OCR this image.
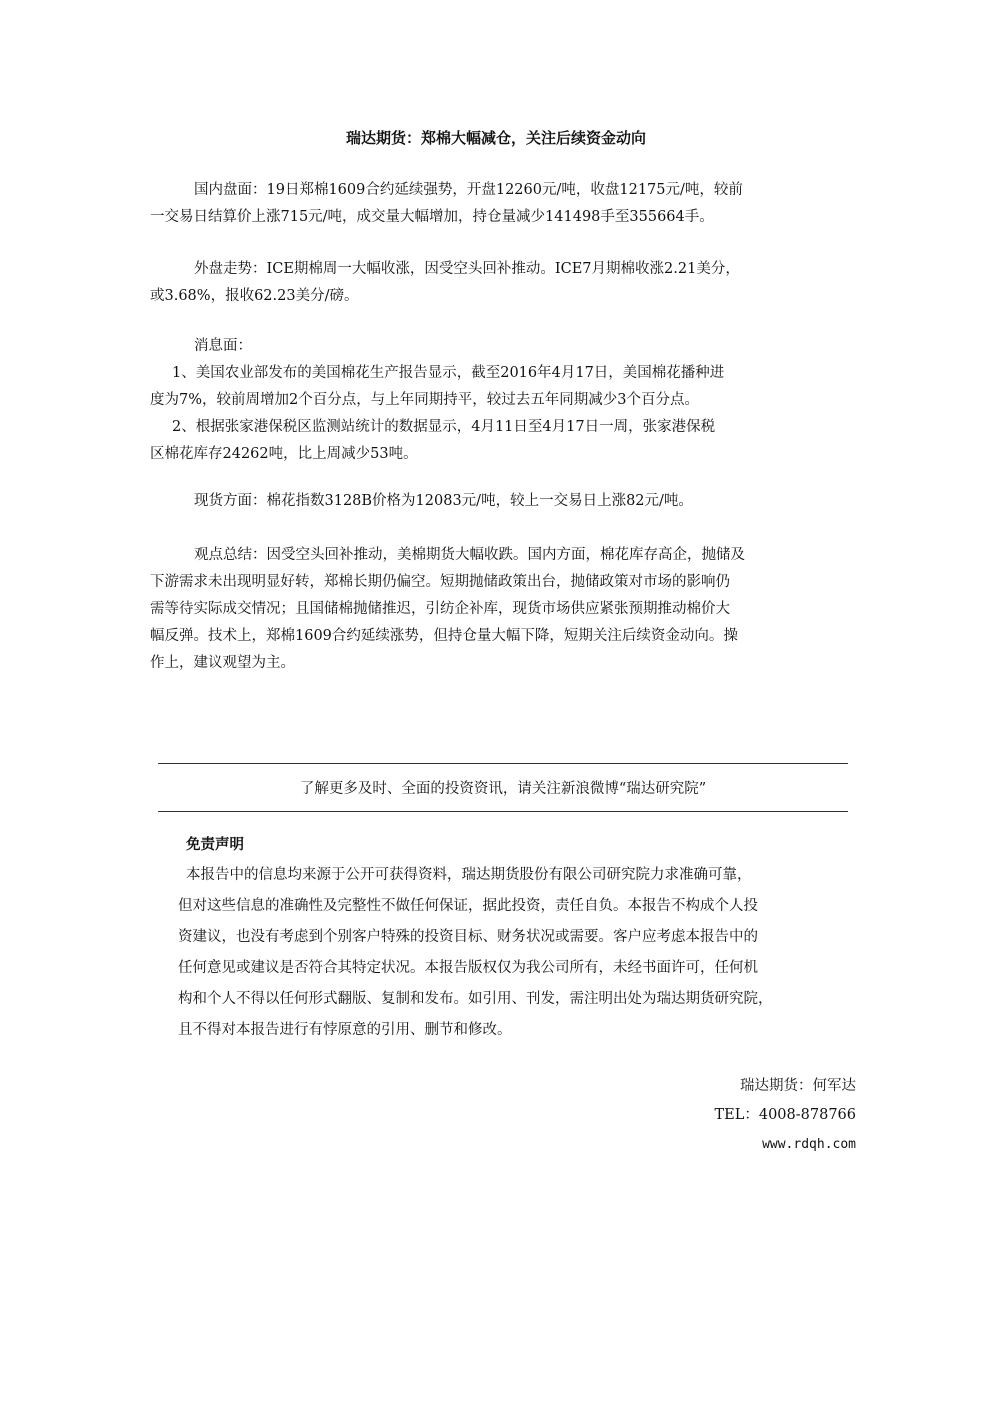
瑞达期货：郑棉大幅减仓，关注后续资金动向
国内盘面：19日郑棉1609合约延续强势，开盘12260元/吨，收盘12175元/吨，较前
一交易日结算价上涨715元/吨，成交量大幅增加，持仓量减少141498手至355664手。
外盘走势：ICE期棉周一大幅收涨，因受空头回补推动。ICE7月期棉收涨2.21美分，
或3.68%，报收62.23美分/磅。
消息面：
1、美国农业部发布的美国棉花生产报告显示，截至2016年4月17日，美国棉花播种进
度为7%，较前周增加2个百分点，与上年同期持平，较过去五年同期减少3个百分点。
2、根据张家港保税区监测站统计的数据显示，4月11日至4月17日一周，张家港保税
区棉花库存24262吨，比上周减少53吨。
现货方面：棉花指数3128B价格为12083元/吨，较上一交易日上涨82元/吨。
观点总结：因受空头回补推动，美棉期货大幅收跌。国内方面，棉花库存高企，抛储及
下游需求未出现明显好转，郑棉长期仍偏空。短期抛储政策出台，抛储政策对市场的影响仍
需等待实际成交情况；且国储棉抛储推迟，引纺企补库，现货市场供应紧张预期推动棉价大
幅反弹。技术上，郑棉1609合约延续涨势，但持仓量大幅下降，短期关注后续资金动向。操
作上，建议观望为主。
了解更多及时、全面的投资资讯，请关注新浪微博“瑞达研究院”
免责声明
本报告中的信息均来源于公开可获得资料，瑞达期货股份有限公司研究院力求准确可靠，
但对这些信息的准确性及完整性不做任何保证，据此投资，责任自负。本报告不构成个人投
资建议，也没有考虑到个别客户特殊的投资目标、财务状况或需要。客户应考虑本报告中的
任何意见或建议是否符合其特定状况。本报告版权仅为我公司所有，未经书面许可，任何机
构和个人不得以任何形式翻版、复制和发布。如引用、刊发，需注明出处为瑞达期货研究院，
且不得对本报告进行有悖原意的引用、删节和修改。
瑞达期货：何军达
TEL：4008-878766
www.rdqh.com
